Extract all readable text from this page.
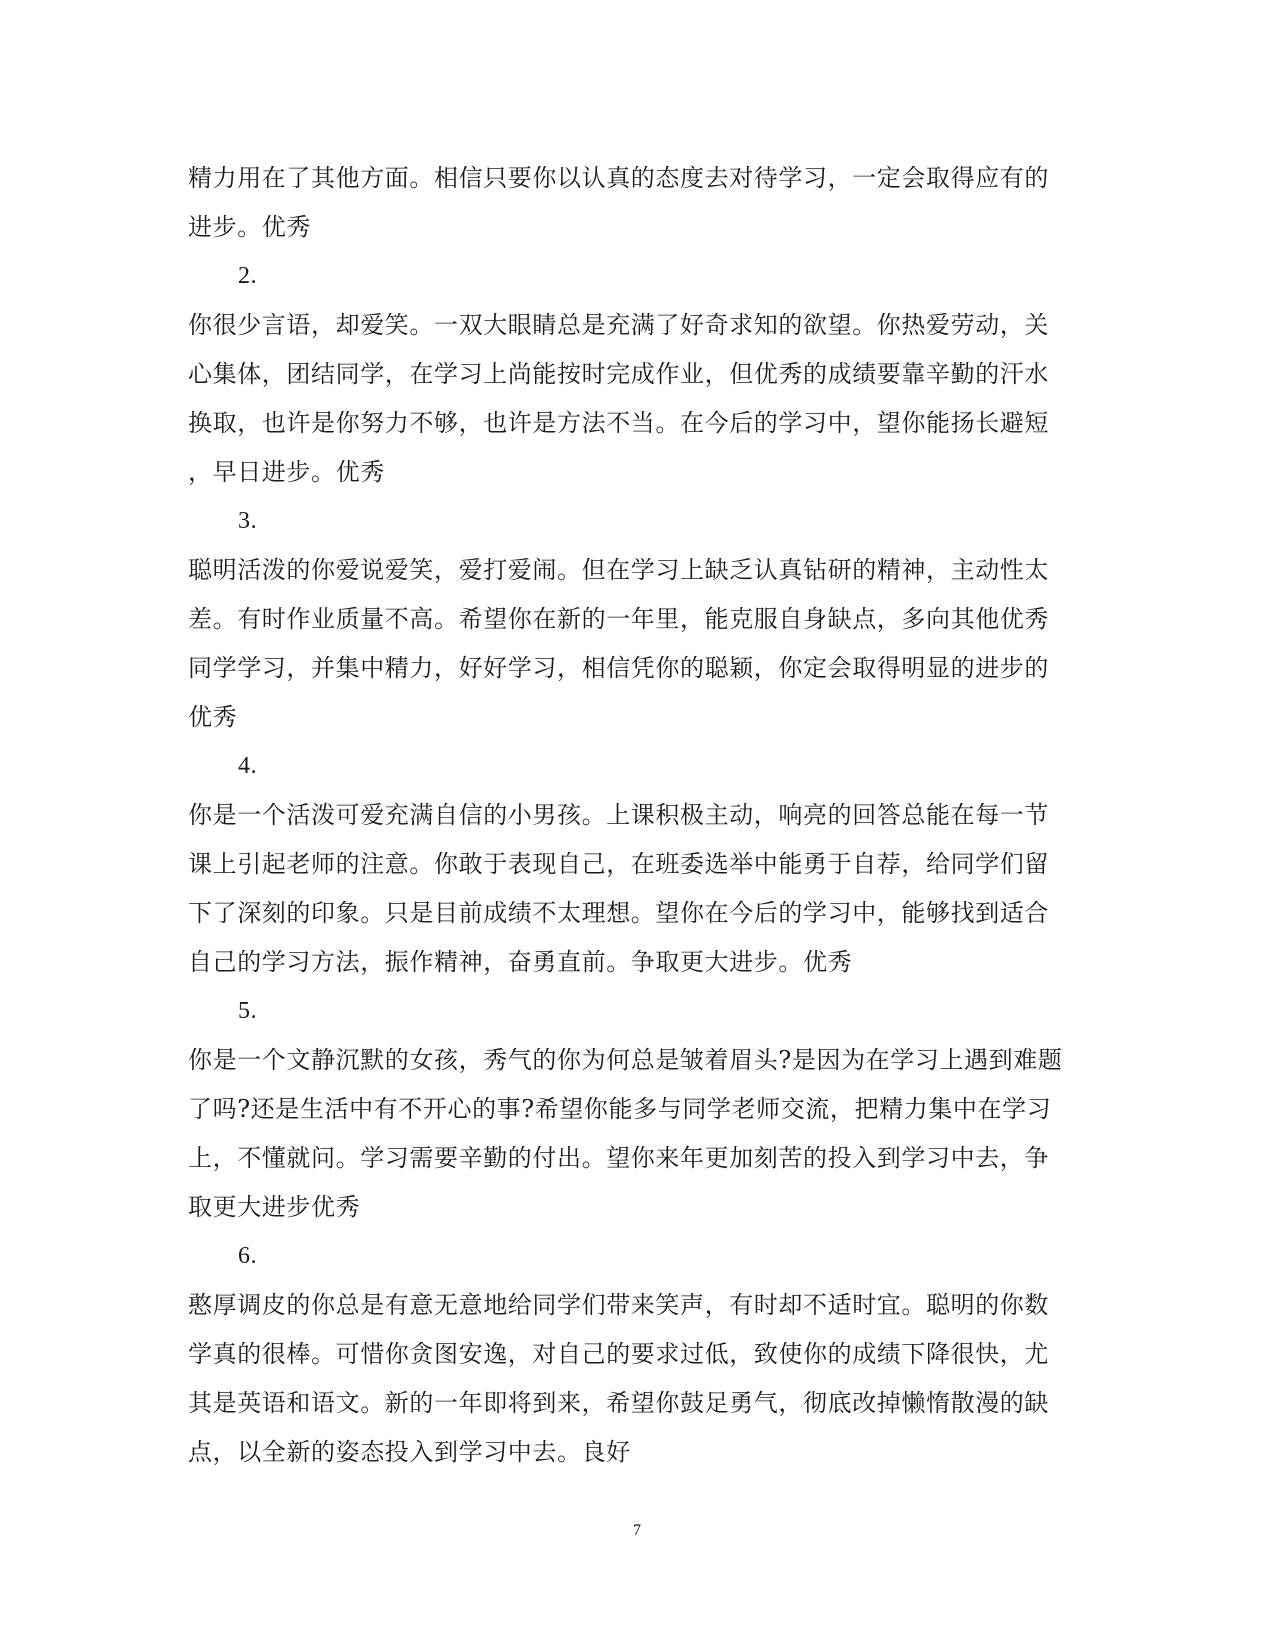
精力用在了其他方面。相信只要你以认真的态度去对待学习，一定会取得应有的
进步。优秀
2.
你很少言语，却爱笑。一双大眼睛总是充满了好奇求知的欲望。你热爱劳动，关
心集体，团结同学，在学习上尚能按时完成作业，但优秀的成绩要靠辛勤的汗水
换取，也许是你努力不够，也许是方法不当。在今后的学习中，望你能扬长避短
，早日进步。优秀
3.
聪明活泼的你爱说爱笑，爱打爱闹。但在学习上缺乏认真钻研的精神，主动性太
差。有时作业质量不高。希望你在新的一年里，能克服自身缺点，多向其他优秀
同学学习，并集中精力，好好学习，相信凭你的聪颖，你定会取得明显的进步的
优秀
4.
你是一个活泼可爱充满自信的小男孩。上课积极主动，响亮的回答总能在每一节
课上引起老师的注意。你敢于表现自己，在班委选举中能勇于自荐，给同学们留
下了深刻的印象。只是目前成绩不太理想。望你在今后的学习中，能够找到适合
自己的学习方法，振作精神，奋勇直前。争取更大进步。优秀
5.
你是一个文静沉默的女孩，秀气的你为何总是皱着眉头?是因为在学习上遇到难题
了吗?还是生活中有不开心的事?希望你能多与同学老师交流，把精力集中在学习
上，不懂就问。学习需要辛勤的付出。望你来年更加刻苦的投入到学习中去，争
取更大进步优秀
6.
憨厚调皮的你总是有意无意地给同学们带来笑声，有时却不适时宜。聪明的你数
学真的很棒。可惜你贪图安逸，对自己的要求过低，致使你的成绩下降很快，尤
其是英语和语文。新的一年即将到来，希望你鼓足勇气，彻底改掉懒惰散漫的缺
点，以全新的姿态投入到学习中去。良好
7
